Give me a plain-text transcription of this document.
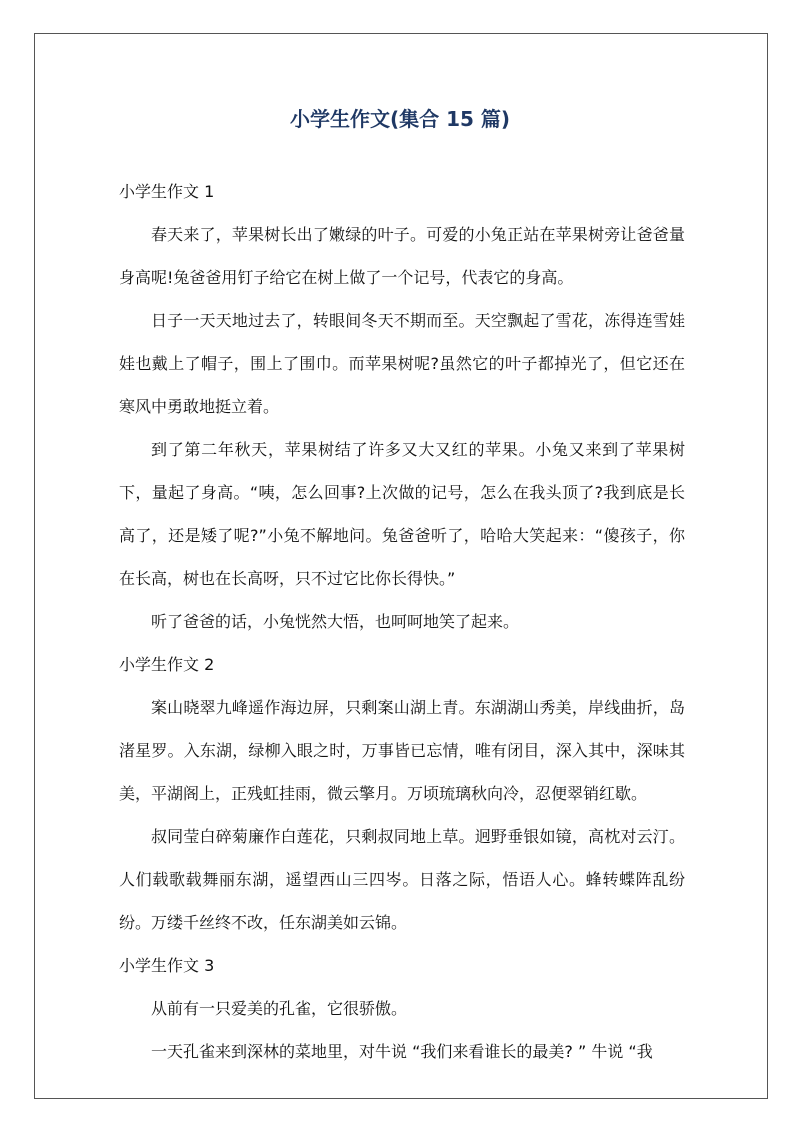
小学生作文(集合 15 篇)

小学生作文 1

春天来了，苹果树长出了嫩绿的叶子。可爱的小兔正站在苹果树旁让爸爸量身高呢!兔爸爸用钉子给它在树上做了一个记号，代表它的身高。

日子一天天地过去了，转眼间冬天不期而至。天空飘起了雪花，冻得连雪娃娃也戴上了帽子，围上了围巾。而苹果树呢?虽然它的叶子都掉光了，但它还在寒风中勇敢地挺立着。

到了第二年秋天，苹果树结了许多又大又红的苹果。小兔又来到了苹果树下，量起了身高。“咦，怎么回事?上次做的记号，怎么在我头顶了?我到底是长高了，还是矮了呢?”小兔不解地问。兔爸爸听了，哈哈大笑起来：“傻孩子，你在长高，树也在长高呀，只不过它比你长得快。”

听了爸爸的话，小兔恍然大悟，也呵呵地笑了起来。

小学生作文 2

案山晓翠九峰遥作海边屏，只剩案山湖上青。东湖湖山秀美，岸线曲折，岛渚星罗。入东湖，绿柳入眼之时，万事皆已忘情，唯有闭目，深入其中，深味其美，平湖阁上，正残虹挂雨，微云擎月。万顷琉璃秋向冷，忍便翠销红歇。

叔同莹白碎菊廉作白莲花，只剩叔同地上草。迥野垂银如镜，高枕对云汀。人们载歌载舞丽东湖，遥望西山三四岑。日落之际，悟语人心。蜂转蝶阵乱纷纷。万缕千丝终不改，任东湖美如云锦。

小学生作文 3

从前有一只爱美的孔雀，它很骄傲。

一天孔雀来到深林的菜地里，对牛说 “我们来看谁长的最美? ” 牛说 “我
